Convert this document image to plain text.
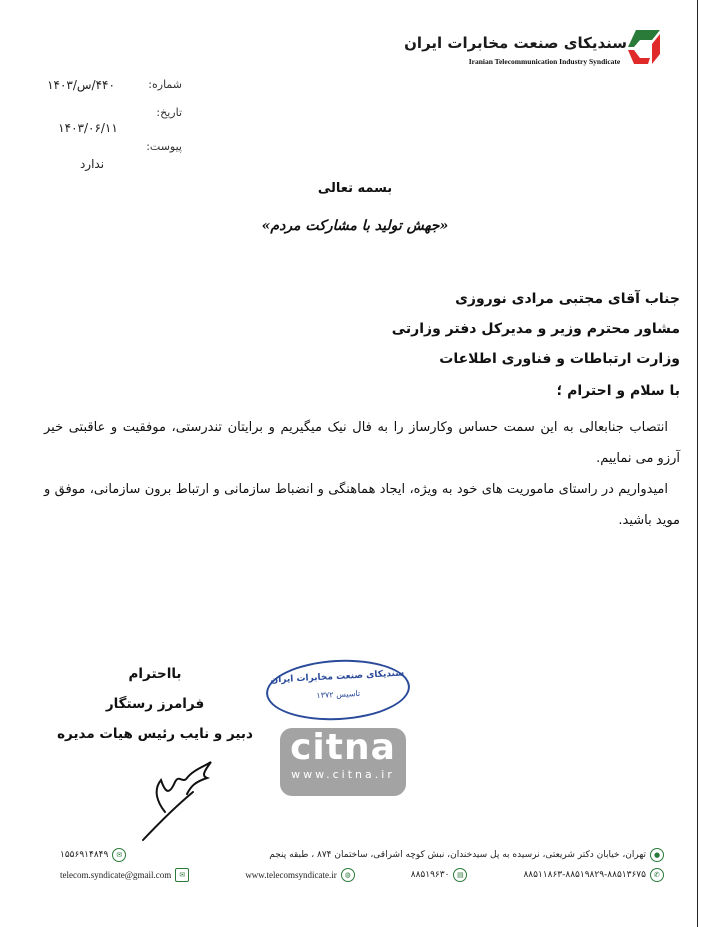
سندیکای صنعت مخابرات ایران
Iranian Telecommunication Industry Syndicate
شماره:
۴۴۰/س/۱۴۰۳
تاریخ:
۱۴۰۳/۰۶/۱۱
پیوست:
ندارد
بسمه تعالی
«جهش تولید با مشارکت مردم»
جناب آقای مجتبی مرادی نوروزی
مشاور محترم وزیر و مدیرکل دفتر وزارتی
وزارت ارتباطات و فناوری اطلاعات
با سلام و احترام ؛

انتصاب جنابعالی به این سمت حساس وکارساز را به فال نیک میگیریم و برایتان تندرستی، موفقیت و عاقبتی خیر آرزو می نماییم.

امیدواریم در راستای ماموریت های خود به ویژه، ایجاد هماهنگی و انضباط سازمانی و ارتباط برون سازمانی، موفق و موید باشید.

بااحترام
فرامرز رستگار
دبیر و نایب رئیس هیات مدیره
سندیکای صنعت مخابرات ایران
تاسیس ۱۳۷۲
citna
www.citna.ir
●
تهران، خیابان دکتر شریعتی، نرسیده به پل سیدخندان، نبش کوچه اشراقی، ساختمان ۸۷۴ ، طبقه پنجم
✉
۱۵۵۶۹۱۴۸۴۹
✆
۸۸۵۱۱۸۶۳-۸۸۵۱۹۸۲۹-۸۸۵۱۳۶۷۵
▤
۸۸۵۱۹۶۳۰
◍
www.telecomsyndicate.ir
✉
telecom.syndicate@gmail.com
